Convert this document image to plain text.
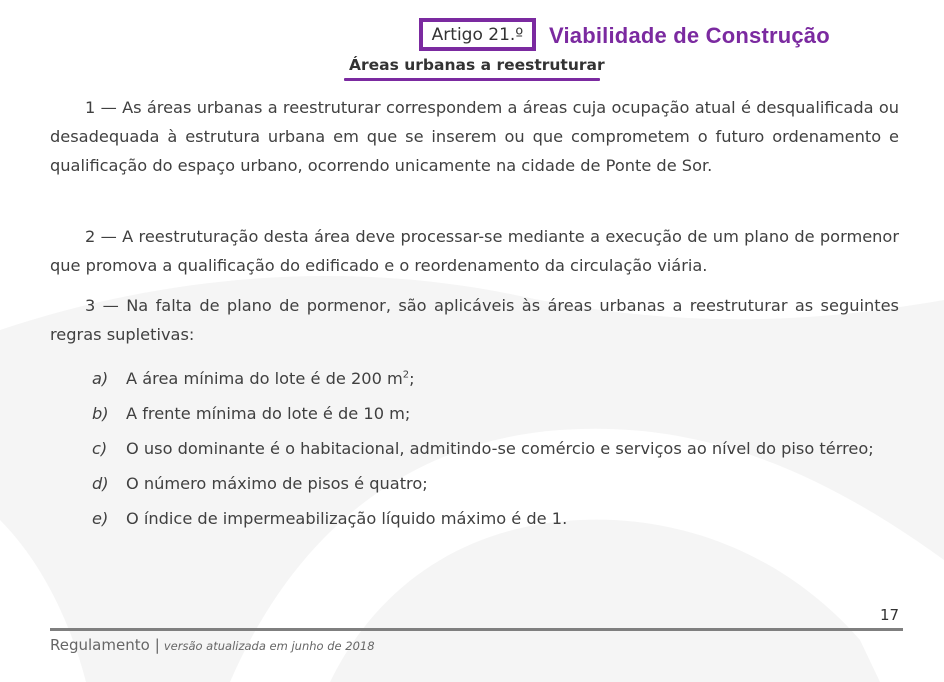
Artigo 21.º Viabilidade de Construção
Áreas urbanas a reestruturar

1 — As áreas urbanas a reestruturar correspondem a áreas cuja ocupação atual é desqualificada ou desadequada à estrutura urbana em que se inserem ou que comprometem o futuro ordenamento e qualificação do espaço urbano, ocorrendo unicamente na cidade de Ponte de Sor.

2 — A reestruturação desta área deve processar-se mediante a execução de um plano de pormenor que promova a qualificação do edificado e o reordenamento da circulação viária.

3 — Na falta de plano de pormenor, são aplicáveis às áreas urbanas a reestruturar as seguintes regras supletivas:

a) A área mínima do lote é de 200 $m^2$;
b) A frente mínima do lote é de 10 m;
c) O uso dominante é o habitacional, admitindo-se comércio e serviços ao nível do piso térreo;
d) O número máximo de pisos é quatro;
e) O índice de impermeabilização líquido máximo é de 1.
17
Regulamento | versão atualizada em junho de 2018
